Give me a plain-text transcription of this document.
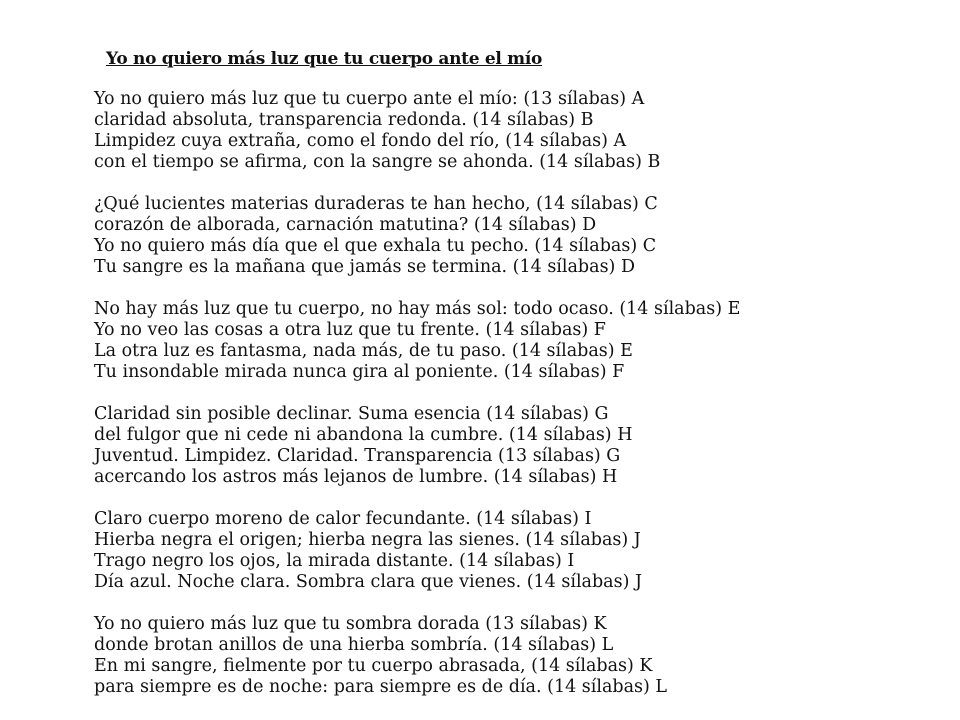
Yo no quiero más luz que tu cuerpo ante el mío
Yo no quiero más luz que tu cuerpo ante el mío: (13 sílabas) A
claridad absoluta, transparencia redonda. (14 sílabas) B
Limpidez cuya extraña, como el fondo del río, (14 sílabas) A
con el tiempo se afirma, con la sangre se ahonda. (14 sílabas) B
¿Qué lucientes materias duraderas te han hecho, (14 sílabas) C
corazón de alborada, carnación matutina? (14 sílabas) D
Yo no quiero más día que el que exhala tu pecho. (14 sílabas) C
Tu sangre es la mañana que jamás se termina. (14 sílabas) D
No hay más luz que tu cuerpo, no hay más sol: todo ocaso. (14 sílabas) E
Yo no veo las cosas a otra luz que tu frente. (14 sílabas) F
La otra luz es fantasma, nada más, de tu paso. (14 sílabas) E
Tu insondable mirada nunca gira al poniente. (14 sílabas) F
Claridad sin posible declinar. Suma esencia (14 sílabas) G
del fulgor que ni cede ni abandona la cumbre. (14 sílabas) H
Juventud. Limpidez. Claridad. Transparencia (13 sílabas) G
acercando los astros más lejanos de lumbre. (14 sílabas) H
Claro cuerpo moreno de calor fecundante. (14 sílabas) I
Hierba negra el origen; hierba negra las sienes. (14 sílabas) J
Trago negro los ojos, la mirada distante. (14 sílabas) I
Día azul. Noche clara. Sombra clara que vienes. (14 sílabas) J
Yo no quiero más luz que tu sombra dorada (13 sílabas) K
donde brotan anillos de una hierba sombría. (14 sílabas) L
En mi sangre, fielmente por tu cuerpo abrasada, (14 sílabas) K
para siempre es de noche: para siempre es de día. (14 sílabas) L
